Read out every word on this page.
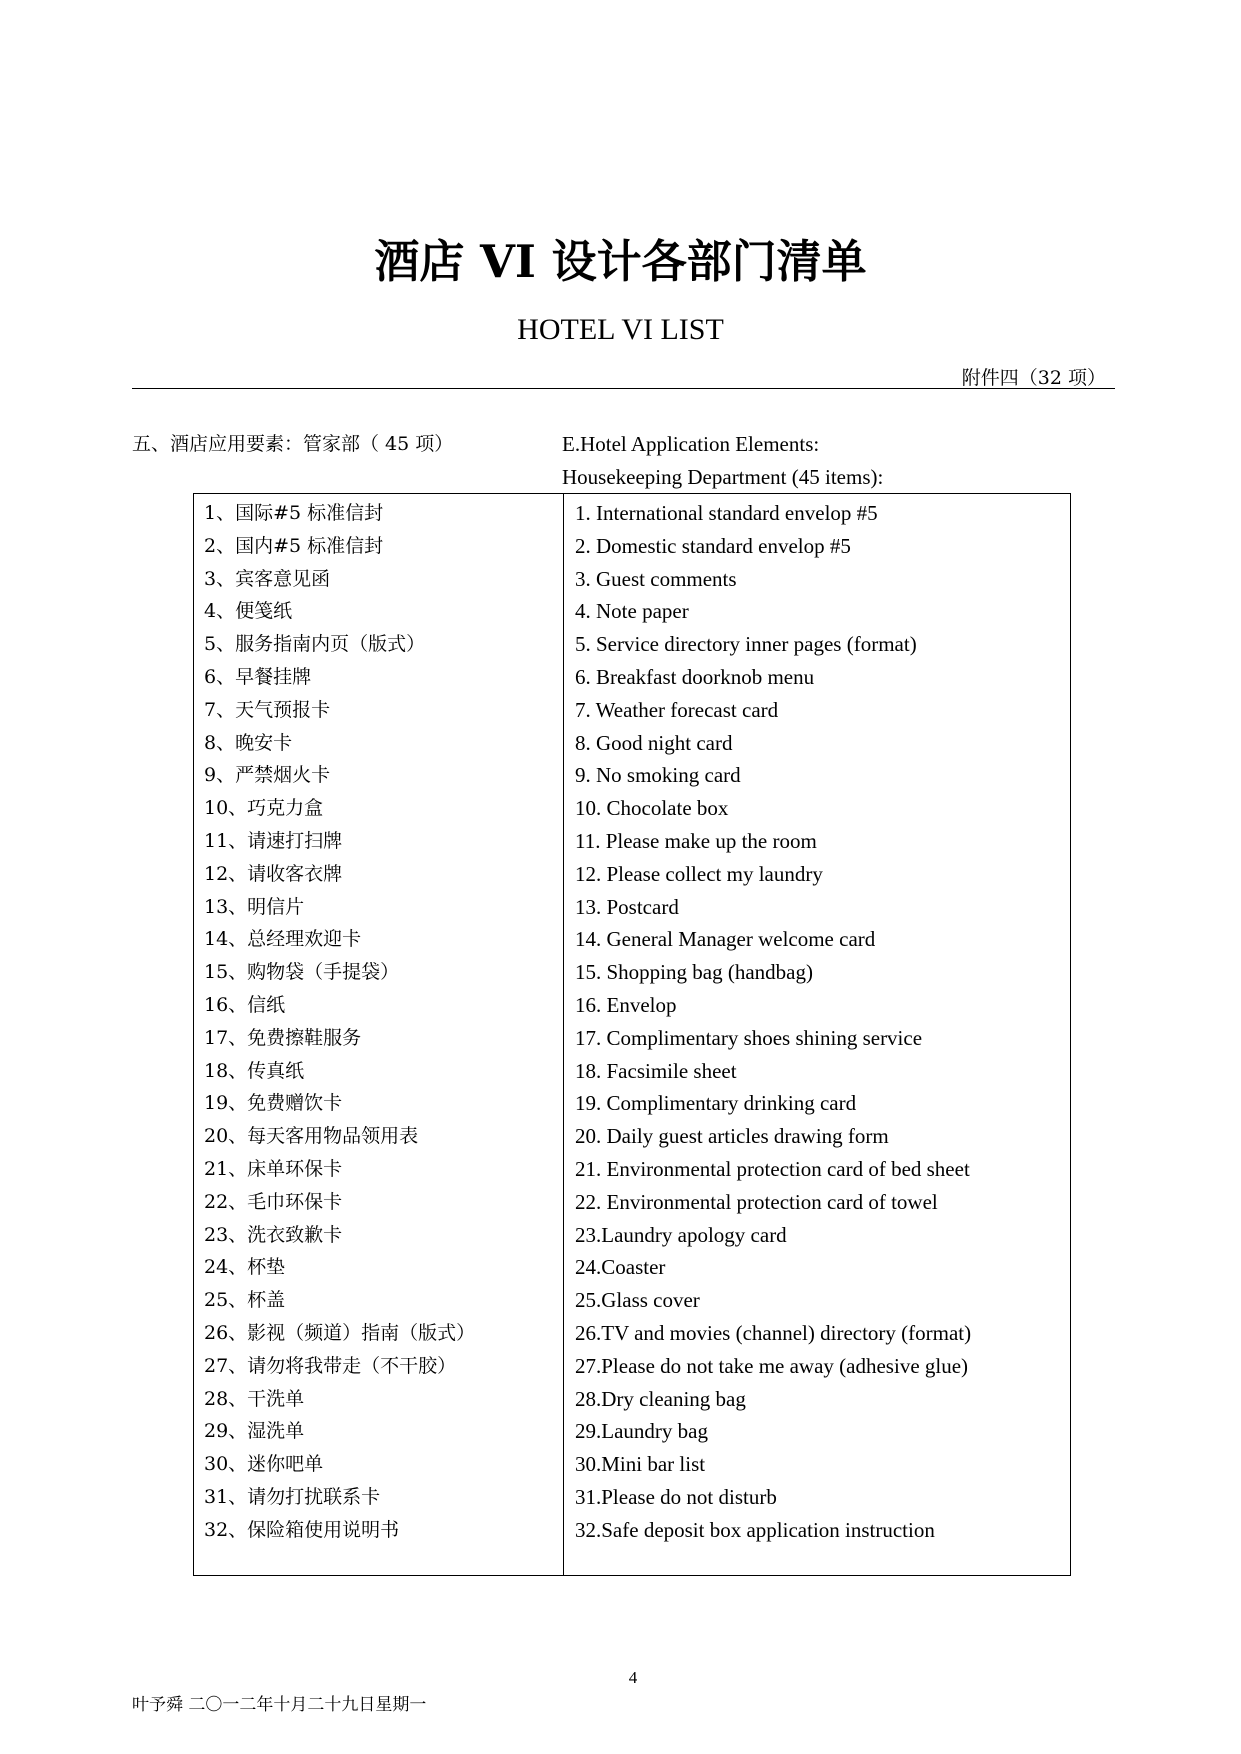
酒店 VI 设计各部门清单
HOTEL VI LIST
附件四（32 项）
五、酒店应用要素：管家部（ 45 项）	E.Hotel Application Elements:
Housekeeping Department (45 items):
1、国际#5 标准信封
2、国内#5 标准信封
3、宾客意见函
4、便笺纸
5、服务指南内页（版式）
6、早餐挂牌
7、天气预报卡
8、晚安卡
9、严禁烟火卡
10、巧克力盒
11、请速打扫牌
12、请收客衣牌
13、明信片
14、总经理欢迎卡
15、购物袋（手提袋）
16、信纸
17、免费擦鞋服务
18、传真纸
19、免费赠饮卡
20、每天客用物品领用表
21、床单环保卡
22、毛巾环保卡
23、洗衣致歉卡
24、杯垫
25、杯盖
26、影视（频道）指南（版式）
27、请勿将我带走（不干胶）
28、干洗单
29、湿洗单
30、迷你吧单
31、请勿打扰联系卡
32、保险箱使用说明书
1. International standard envelop #5
2. Domestic standard envelop #5
3. Guest comments
4. Note paper
5. Service directory inner pages (format)
6. Breakfast doorknob menu
7. Weather forecast card
8. Good night card
9. No smoking card
10. Chocolate box
11. Please make up the room
12. Please collect my laundry
13. Postcard
14. General Manager welcome card
15. Shopping bag (handbag)
16. Envelop
17. Complimentary shoes shining service
18. Facsimile sheet
19. Complimentary drinking card
20. Daily guest articles drawing form
21. Environmental protection card of bed sheet
22. Environmental protection card of towel
23.Laundry apology card
24.Coaster
25.Glass cover
26.TV and movies (channel) directory (format)
27.Please do not take me away (adhesive glue)
28.Dry cleaning bag
29.Laundry bag
30.Mini bar list
31.Please do not disturb
32.Safe deposit box application instruction
4
叶予舜 二〇一二年十月二十九日星期一
